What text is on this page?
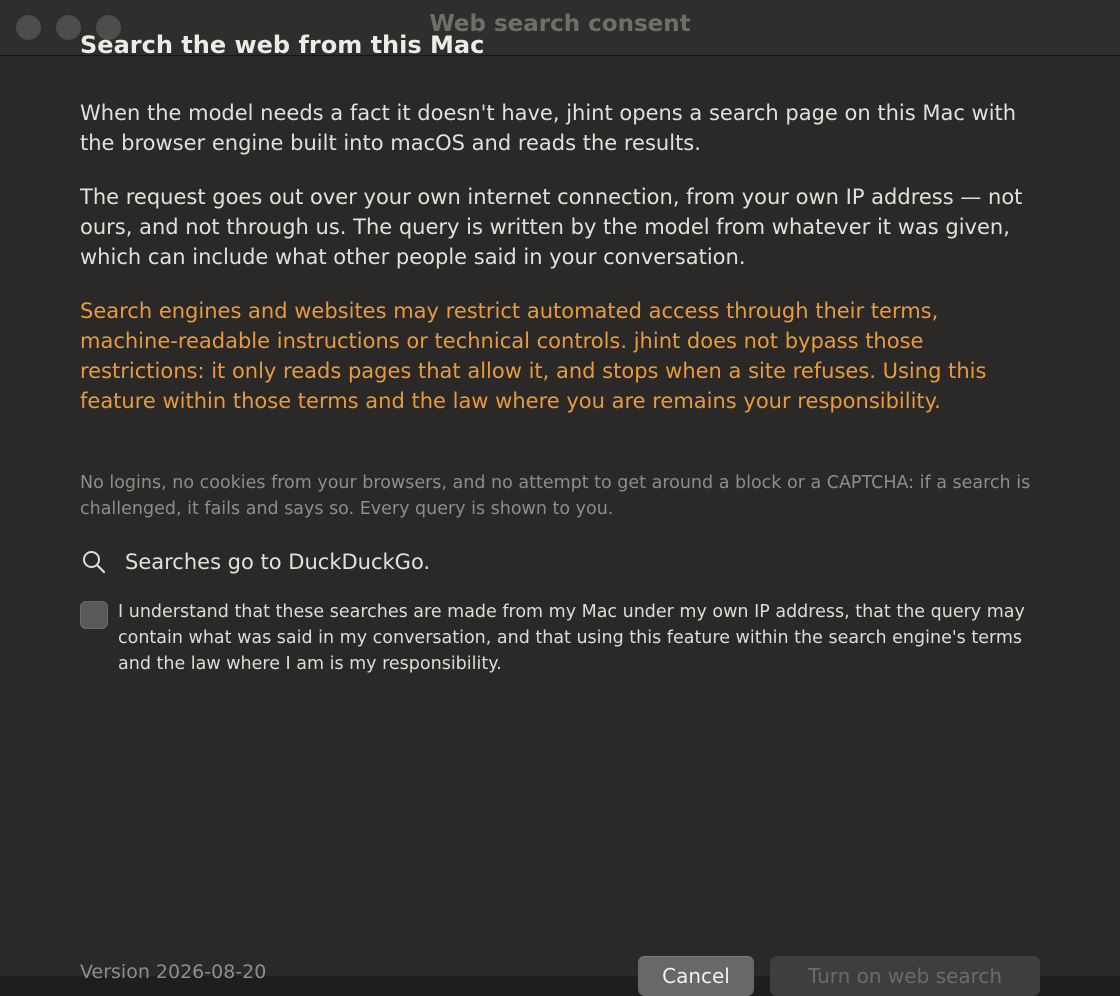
Web search consent
Search the web from this Mac

When the model needs a fact it doesn't have, jhint opens a search page on this Mac with the browser engine built into macOS and reads the results.

The request goes out over your own internet connection, from your own IP address — not ours, and not through us. The query is written by the model from whatever it was given, which can include what other people said in your conversation.

Search engines and websites may restrict automated access through their terms, machine-readable instructions or technical controls. jhint does not bypass those restrictions: it only reads pages that allow it, and stops when a site refuses. Using this feature within those terms and the law where you are remains your responsibility.

No logins, no cookies from your browsers, and no attempt to get around a block or a CAPTCHA: if a search is challenged, it fails and says so. Every query is shown to you.

Searches go to DuckDuckGo.

I understand that these searches are made from my Mac under my own IP address, that the query may contain what was said in my conversation, and that using this feature within the search engine's terms and the law where I am is my responsibility.

Version 2026-08-20	Cancel	Turn on web search
